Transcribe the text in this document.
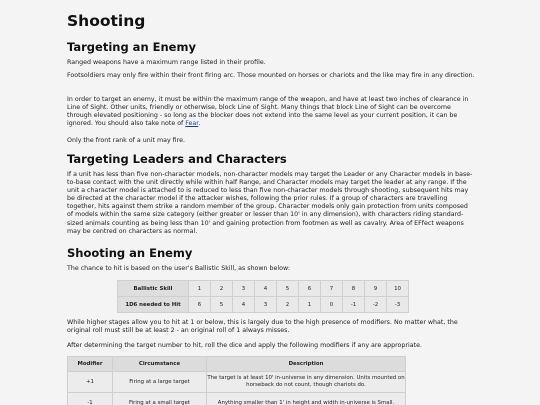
Shooting
Targeting an Enemy

Ranged weapons have a maximum range listed in their profile.

Footsoldiers may only fire within their front firing arc. Those mounted on horses or chariots and the like may fire in any direction.

In order to target an enemy, it must be within the maximum range of the weapon, and have at least two inches of clearance in Line of Sight. Other units, friendly or otherwise, block Line of Sight. Many things that block Line of Sight can be overcome through elevated positioning - so long as the blocker does not extend into the same level as your current position, it can be ignored. You should also take note of Fear.

Only the front rank of a unit may fire.

Targeting Leaders and Characters

If a unit has less than five non-character models, non-character models may target the Leader or any Character models in base-to-base contact with the unit directly while within half Range, and Character models may target the leader at any range. If the unit a character model is attached to is reduced to less than five non-character models through shooting, subsequent hits may be directed at the character model if the attacker wishes, following the prior rules. If a group of characters are travelling together, hits against them strike a random member of the group. Character models only gain protection from units composed of models within the same size category (either greater or lesser than 10' in any dimension), with characters riding standard-sized animals counting as being less than 10' and gaining protection from footmen as well as cavalry. Area of EFfect weapons may be centred on characters as normal.

Shooting an Enemy

The chance to hit is based on the user's Ballistic Skill, as shown below:

Ballistic Skill	1	2	3	4	5	6	7	8	9	10
1D6 needed to Hit	6	5	4	3	2	1	0	-1	-2	-3

While higher stages allow you to hit at 1 or below, this is largely due to the high presence of modifiers. No matter what, the original roll must still be at least 2 - an original roll of 1 always misses.

After determining the target number to hit, roll the dice and apply the following modifiers if any are appropriate.

Modifier	Circumstance	Description
+1	Firing at a large target	The target is at least 10' in-universe in any dimension. Units mounted on horseback do not count, though chariots do.
-1	Firing at a small target	Anything smaller than 1' in height and width in-universe is Small.
